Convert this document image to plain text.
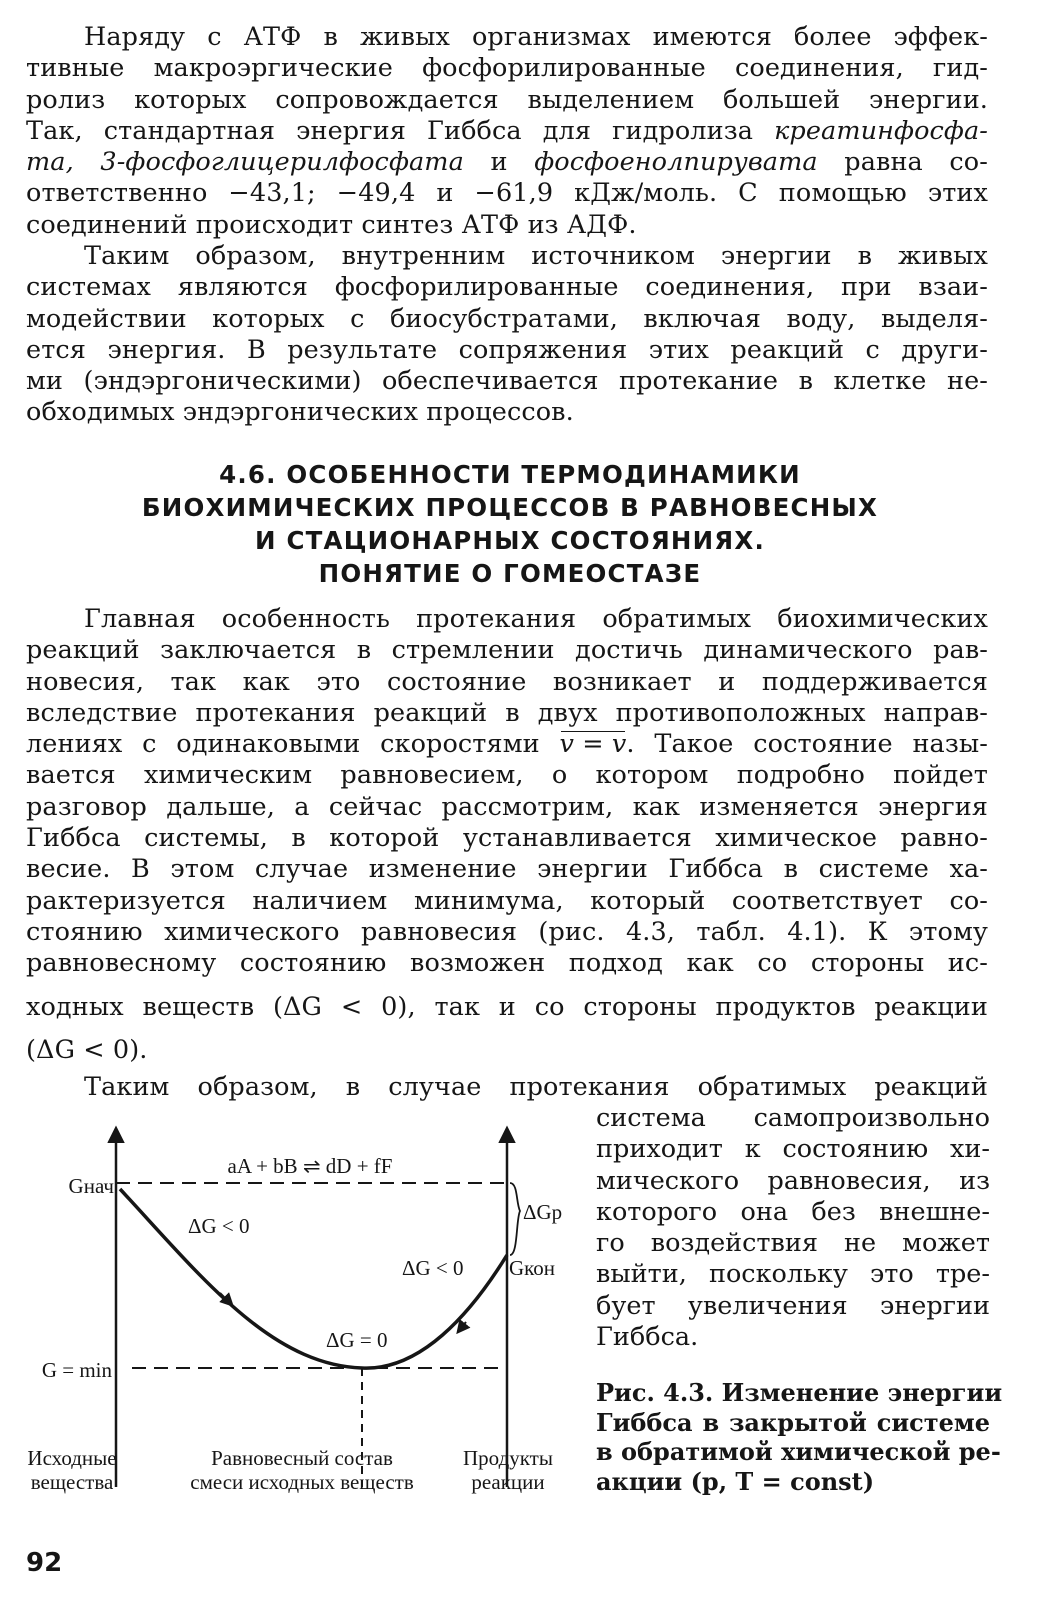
Наряду с АТФ в живых организмах имеются более эффек-
тивные макроэргические фосфорилированные соединения, гид-
ролиз которых сопровождается выделением большей энергии.
Так, стандартная энергия Гиббса для гидролиза креатинфосфа-
та, 3-фосфоглицерилфосфата и фосфоенолпирувата равна со-
ответственно −43,1; −49,4 и −61,9 кДж/моль. С помощью этих
соединений происходит синтез АТФ из АДФ.
Таким образом, внутренним источником энергии в живых
системах являются фосфорилированные соединения, при взаи-
модействии которых с биосубстратами, включая воду, выделя-
ется энергия. В результате сопряжения этих реакций с други-
ми (эндэргоническими) обеспечивается протекание в клетке не-
обходимых эндэргонических процессов.
4.6. ОСОБЕННОСТИ ТЕРМОДИНАМИКИ
БИОХИМИЧЕСКИХ ПРОЦЕССОВ В РАВНОВЕСНЫХ
И СТАЦИОНАРНЫХ СОСТОЯНИЯХ.
ПОНЯТИЕ О ГОМЕОСТАЗЕ
Главная особенность протекания обратимых биохимических
реакций заключается в стремлении достичь динамического рав-
новесия, так как это состояние возникает и поддерживается
вследствие протекания реакций в двух противоположных направ-
лениях с одинаковыми скоростями v = v. Такое состояние назы-
вается химическим равновесием, о котором подробно пойдет
разговор дальше, а сейчас рассмотрим, как изменяется энергия
Гиббса системы, в которой устанавливается химическое равно-
весие. В этом случае изменение энергии Гиббса в системе ха-
рактеризуется наличием минимума, который соответствует со-
стоянию химического равновесия (рис. 4.3, табл. 4.1). К этому
равновесному состоянию возможен подход как со стороны ис-
ходных веществ (ΔG < 0), так и со стороны продуктов реакции
(ΔG < 0).
Таким образом, в случае протекания обратимых реакций
система самопроизвольно
приходит к состоянию хи-
мического равновесия, из
которого она без внешне-
го воздействия не может
выйти, поскольку это тре-
бует увеличения энергии
Гиббса.
aA + bB ⇌ dD + fF
Gнач
ΔGр
ΔG < 0
ΔG < 0 Gкон
ΔG = 0
G = min
Исходные
вещества
Равновесный состав
смеси исходных веществ
Продукты
реакции
Рис. 4.3. Изменение энергии
Гиббса в закрытой системе
в обратимой химической ре-
акции (p, T = const)
92
